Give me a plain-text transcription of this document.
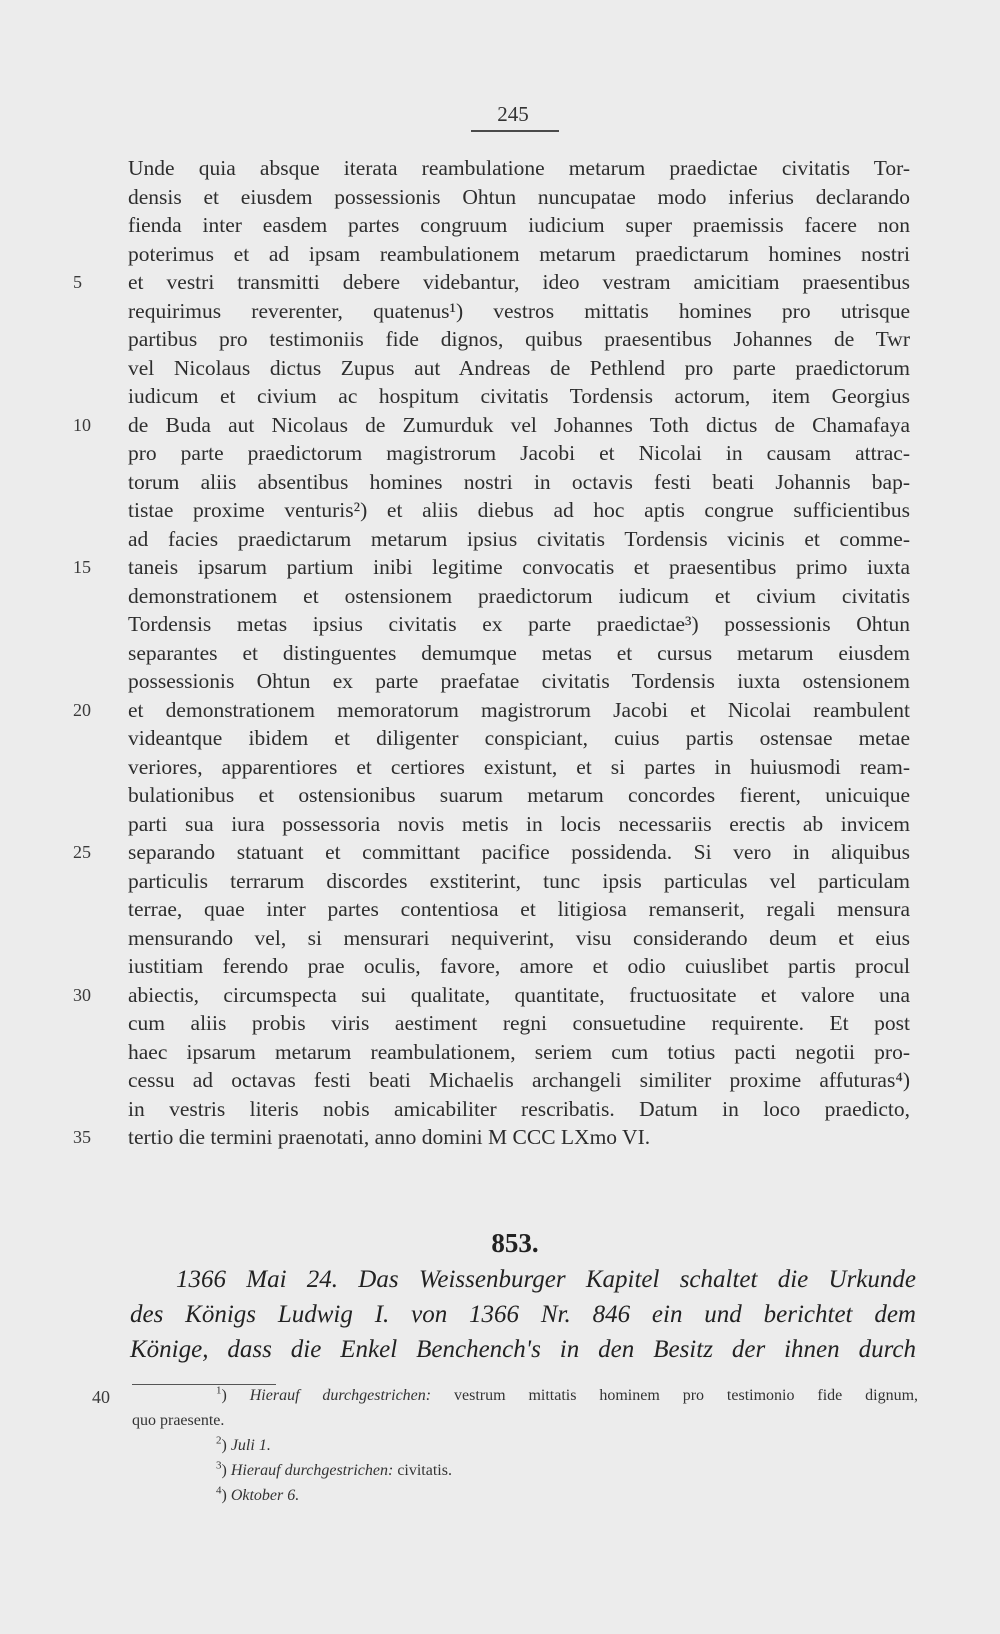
245
Unde quia absque iterata reambulatione metarum praedictae civitatis Tor-
densis et eiusdem possessionis Ohtun nuncupatae modo inferius declarando
fienda inter easdem partes congruum iudicium super praemissis facere non
poterimus et ad ipsam reambulationem metarum praedictarum homines nostri
et vestri transmitti debere videbantur, ideo vestram amicitiam praesentibus
5
requirimus reverenter, quatenus¹) vestros mittatis homines pro utrisque
partibus pro testimoniis fide dignos, quibus praesentibus Johannes de Twr
vel Nicolaus dictus Zupus aut Andreas de Pethlend pro parte praedictorum
iudicum et civium ac hospitum civitatis Tordensis actorum, item Georgius
de Buda aut Nicolaus de Zumurduk vel Johannes Toth dictus de Chamafaya
10
pro parte praedictorum magistrorum Jacobi et Nicolai in causam attrac-
torum aliis absentibus homines nostri in octavis festi beati Johannis bap-
tistae proxime venturis²) et aliis diebus ad hoc aptis congrue sufficientibus
ad facies praedictarum metarum ipsius civitatis Tordensis vicinis et comme-
taneis ipsarum partium inibi legitime convocatis et praesentibus primo iuxta
15
demonstrationem et ostensionem praedictorum iudicum et civium civitatis
Tordensis metas ipsius civitatis ex parte praedictae³) possessionis Ohtun
separantes et distinguentes demumque metas et cursus metarum eiusdem
possessionis Ohtun ex parte praefatae civitatis Tordensis iuxta ostensionem
et demonstrationem memoratorum magistrorum Jacobi et Nicolai reambulent
20
videantque ibidem et diligenter conspiciant, cuius partis ostensae metae
veriores, apparentiores et certiores existunt, et si partes in huiusmodi ream-
bulationibus et ostensionibus suarum metarum concordes fierent, unicuique
parti sua iura possessoria novis metis in locis necessariis erectis ab invicem
separando statuant et committant pacifice possidenda. Si vero in aliquibus
25
particulis terrarum discordes exstiterint, tunc ipsis particulas vel particulam
terrae, quae inter partes contentiosa et litigiosa remanserit, regali mensura
mensurando vel, si mensurari nequiverint, visu considerando deum et eius
iustitiam ferendo prae oculis, favore, amore et odio cuiuslibet partis procul
abiectis, circumspecta sui qualitate, quantitate, fructuositate et valore una
30
cum aliis probis viris aestiment regni consuetudine requirente. Et post
haec ipsarum metarum reambulationem, seriem cum totius pacti negotii pro-
cessu ad octavas festi beati Michaelis archangeli similiter proxime affuturas⁴)
in vestris literis nobis amicabiliter rescribatis. Datum in loco praedicto,
tertio die termini praenotati, anno domini M CCC LXmo VI.
35
853.
1366 Mai 24. Das Weissenburger Kapitel schaltet die Urkunde
des Königs Ludwig I. von 1366 Nr. 846 ein und berichtet dem
Könige, dass die Enkel Benchench's in den Besitz der ihnen durch
40	$^1$) Hierauf durchgestrichen: vestrum mittatis hominem pro testimonio fide dignum,
quo praesente.
$^2$) Juli 1.
$^3$) Hierauf durchgestrichen: civitatis.
$^4$) Oktober 6.
